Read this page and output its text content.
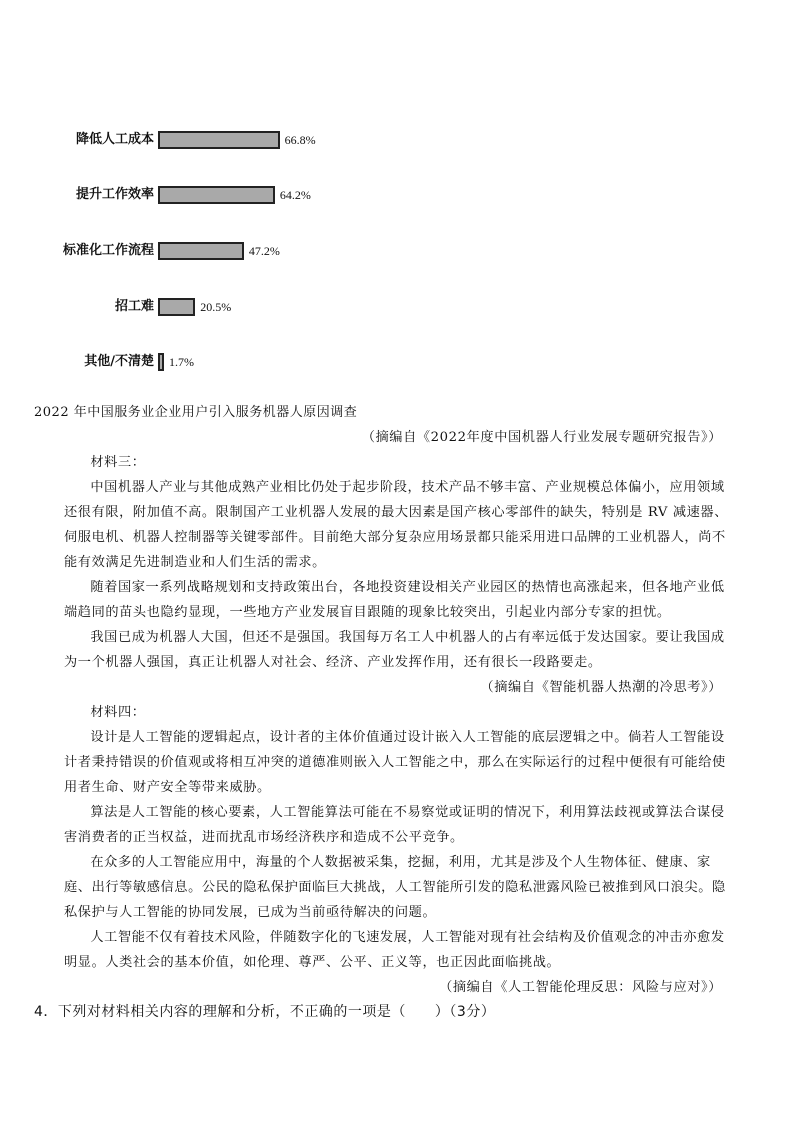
降低人工成本	66.8%
提升工作效率	64.2%
标准化工作流程	47.2%
招工难	20.5%
其他/不清楚 1.7%
2022 年中国服务业企业用户引入服务机器人原因调查

（摘编自《2022年度中国机器人行业发展专题研究报告》）

材料三：

中国机器人产业与其他成熟产业相比仍处于起步阶段，技术产品不够丰富、产业规模总体偏小，应用领域还很有限，附加值不高。限制国产工业机器人发展的最大因素是国产核心零部件的缺失，特别是 RV 减速器、伺服电机、机器人控制器等关键零部件。目前绝大部分复杂应用场景都只能采用进口品牌的工业机器人，尚不能有效满足先进制造业和人们生活的需求。

随着国家一系列战略规划和支持政策出台，各地投资建设相关产业园区的热情也高涨起来，但各地产业低端趋同的苗头也隐约显现，一些地方产业发展盲目跟随的现象比较突出，引起业内部分专家的担忧。

我国已成为机器人大国，但还不是强国。我国每万名工人中机器人的占有率远低于发达国家。要让我国成为一个机器人强国，真正让机器人对社会、经济、产业发挥作用，还有很长一段路要走。

（摘编自《智能机器人热潮的冷思考》）

材料四：

设计是人工智能的逻辑起点，设计者的主体价值通过设计嵌入人工智能的底层逻辑之中。倘若人工智能设计者秉持错误的价值观或将相互冲突的道德准则嵌入人工智能之中，那么在实际运行的过程中便很有可能给使用者生命、财产安全等带来威胁。

算法是人工智能的核心要素，人工智能算法可能在不易察觉或证明的情况下，利用算法歧视或算法合谋侵害消费者的正当权益，进而扰乱市场经济秩序和造成不公平竞争。

在众多的人工智能应用中，海量的个人数据被采集，挖掘，利用，尤其是涉及个人生物体征、健康、家庭、出行等敏感信息。公民的隐私保护面临巨大挑战，人工智能所引发的隐私泄露风险已被推到风口浪尖。隐私保护与人工智能的协同发展，已成为当前亟待解决的问题。

人工智能不仅有着技术风险，伴随数字化的飞速发展，人工智能对现有社会结构及价值观念的冲击亦愈发明显。人类社会的基本价值，如伦理、尊严、公平、正义等，也正因此面临挑战。

（摘编自《人工智能伦理反思：风险与应对》）

4．下列对材料相关内容的理解和分析，不正确的一项是（　　）（3分）
